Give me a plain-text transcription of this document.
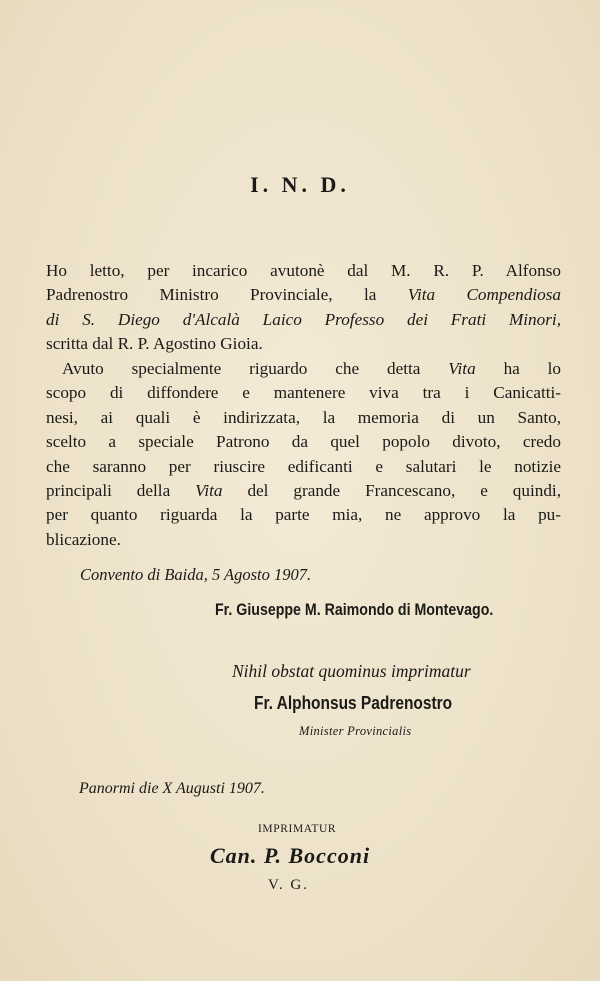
I. N. D.
Ho letto, per incarico avutonè dal M. R. P. Alfonso
Padrenostro Ministro Provinciale, la Vita Compendiosa
di S. Diego d'Alcalà Laico Professo dei Frati Minori,
scritta dal R. P. Agostino Gioia.
Avuto specialmente riguardo che detta Vita ha lo
scopo di diffondere e mantenere viva tra i Canicatti-
nesi, ai quali è indirizzata, la memoria di un Santo,
scelto a speciale Patrono da quel popolo divoto, credo
che saranno per riuscire edificanti e salutari le notizie
principali della Vita del grande Francescano, e quindi,
per quanto riguarda la parte mia, ne approvo la pu-
blicazione.
Convento di Baida, 5 Agosto 1907.
Fr. Giuseppe M. Raimondo di Montevago.
Nihil obstat quominus imprimatur
Fr. Alphonsus Padrenostro
Minister Provincialis
Panormi die X Augusti 1907.
IMPRIMATUR
Can. P. Bocconi
V. G.
